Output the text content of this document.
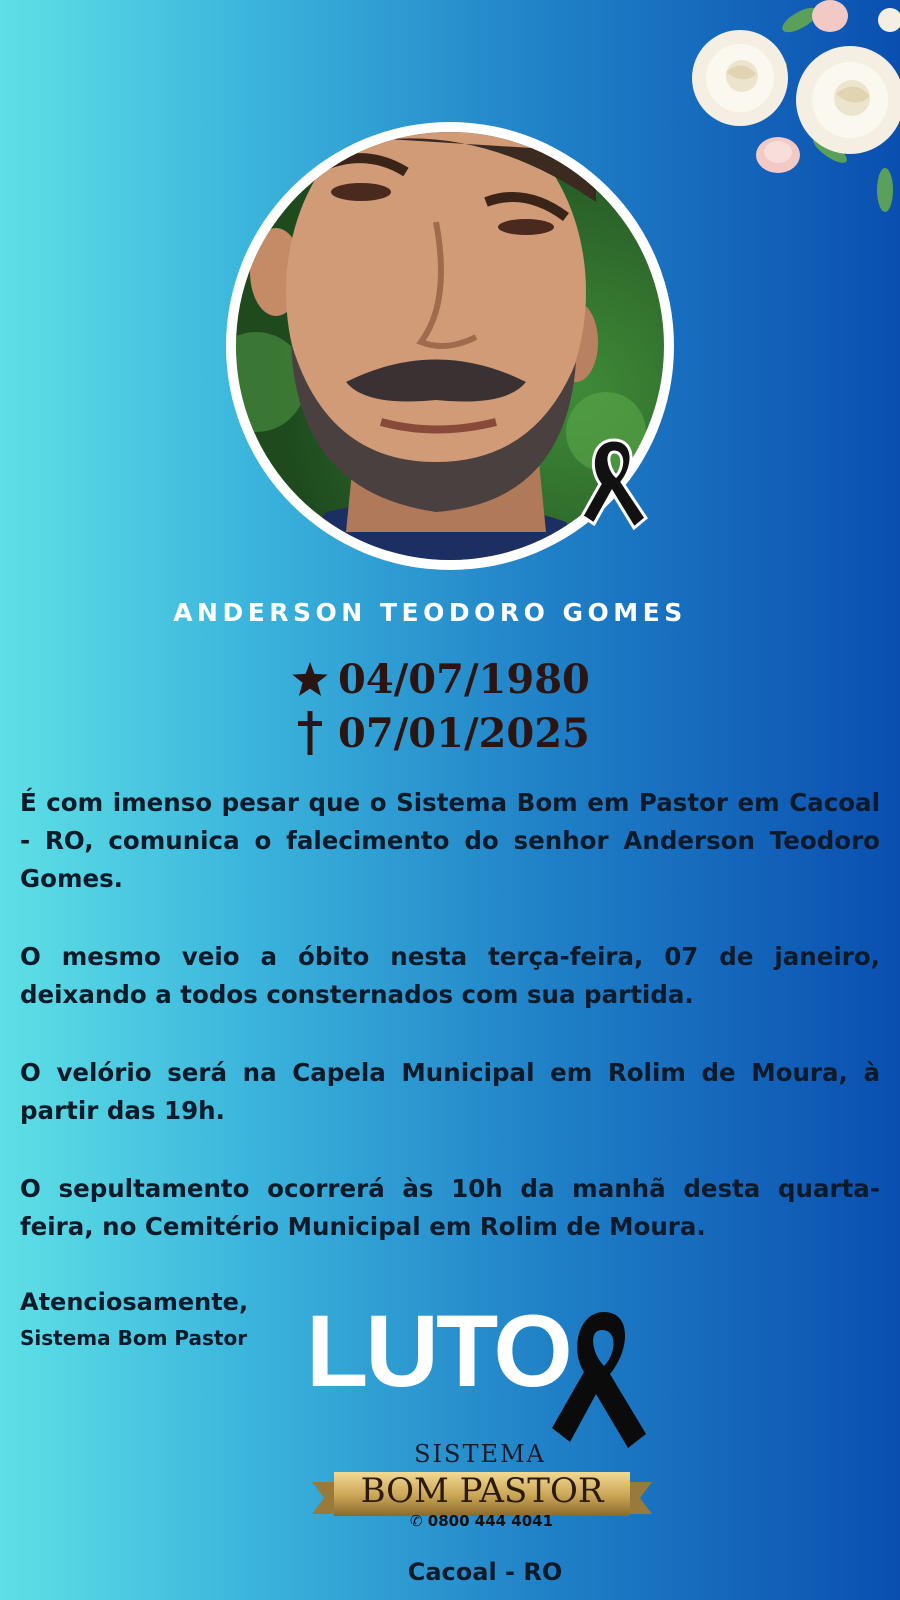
ANDERSON TEODORO GOMES
04/07/1980
07/01/2025

É com imenso pesar que o Sistema Bom em Pastor em Cacoal - RO, comunica o falecimento do senhor Anderson Teodoro Gomes.

O mesmo veio a óbito nesta terça-feira, 07 de janeiro, deixando a todos consternados com sua partida.

O velório será na Capela Municipal em Rolim de Moura, à partir das 19h.

O sepultamento ocorrerá às 10h da manhã desta quarta-feira, no Cemitério Municipal em Rolim de Moura.

Atenciosamente,
Sistema Bom Pastor LUTO
SISTEMA
BOM PASTOR
✆ 0800 444 4041
Cacoal - RO
